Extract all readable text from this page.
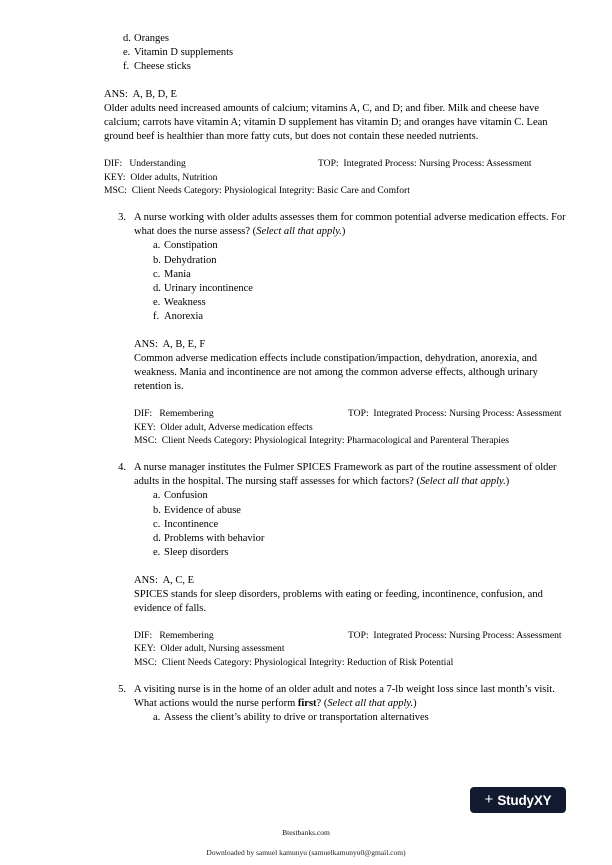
d. Oranges
e. Vitamin D supplements
f. Cheese sticks
ANS:  A, B, D, E
Older adults need increased amounts of calcium; vitamins A, C, and D; and fiber. Milk and cheese have calcium; carrots have vitamin A; vitamin D supplement has vitamin D; and oranges have vitamin C. Lean ground beef is healthier than more fatty cuts, but does not contain these needed nutrients.
DIF: Understanding	TOP: Integrated Process: Nursing Process: Assessment
KEY: Older adults, Nutrition
MSC: Client Needs Category: Physiological Integrity: Basic Care and Comfort
3. A nurse working with older adults assesses them for common potential adverse medication effects. For what does the nurse assess? (Select all that apply.)
a. Constipation
b. Dehydration
c. Mania
d. Urinary incontinence
e. Weakness
f. Anorexia
ANS:  A, B, E, F
Common adverse medication effects include constipation/impaction, dehydration, anorexia, and weakness. Mania and incontinence are not among the common adverse effects, although urinary retention is.
DIF: Remembering	TOP: Integrated Process: Nursing Process: Assessment
KEY: Older adult, Adverse medication effects
MSC: Client Needs Category: Physiological Integrity: Pharmacological and Parenteral Therapies
4. A nurse manager institutes the Fulmer SPICES Framework as part of the routine assessment of older adults in the hospital. The nursing staff assesses for which factors? (Select all that apply.)
a. Confusion
b. Evidence of abuse
c. Incontinence
d. Problems with behavior
e. Sleep disorders
ANS:  A, C, E
SPICES stands for sleep disorders, problems with eating or feeding, incontinence, confusion, and evidence of falls.
DIF: Remembering	TOP: Integrated Process: Nursing Process: Assessment
KEY: Older adult, Nursing assessment
MSC: Client Needs Category: Physiological Integrity: Reduction of Risk Potential
5. A visiting nurse is in the home of an older adult and notes a 7-lb weight loss since last month’s visit. What actions would the nurse perform first? (Select all that apply.)
a. Assess the client’s ability to drive or transportation alternatives
+ StudyXY
Btestbanks.com
Downloaded by samuel kamunyu (samuelkamunyu0@gmail.com)
